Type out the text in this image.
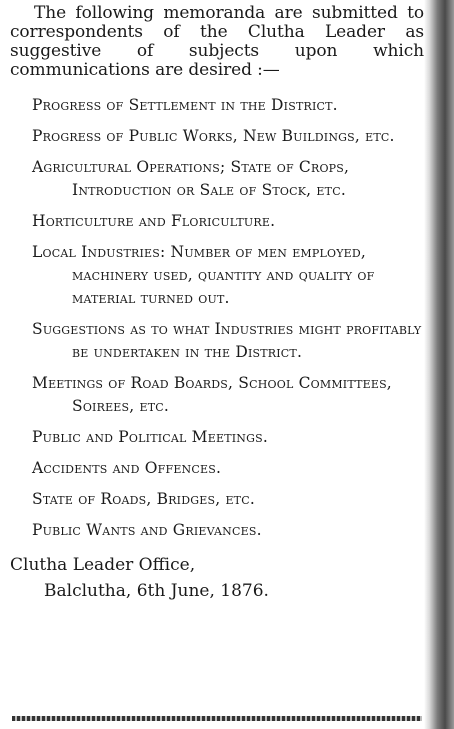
The following memoranda are submitted to correspondents of the Clutha Leader as suggestive of subjects upon which communications are desired :—

Progress of Settlement in the District.
Progress of Public Works, New Buildings, etc.
Agricultural Operations; State of Crops, Introduction or Sale of Stock, etc.
Horticulture and Floriculture.
Local Industries: Number of men employed, machinery used, quantity and quality of material turned out.
Suggestions as to what Industries might profitably be undertaken in the District.
Meetings of Road Boards, School Committees, Soirees, etc.
Public and Political Meetings.
Accidents and Offences.
State of Roads, Bridges, etc.
Public Wants and Grievances.
Clutha Leader Office,
Balclutha, 6th June, 1876.
